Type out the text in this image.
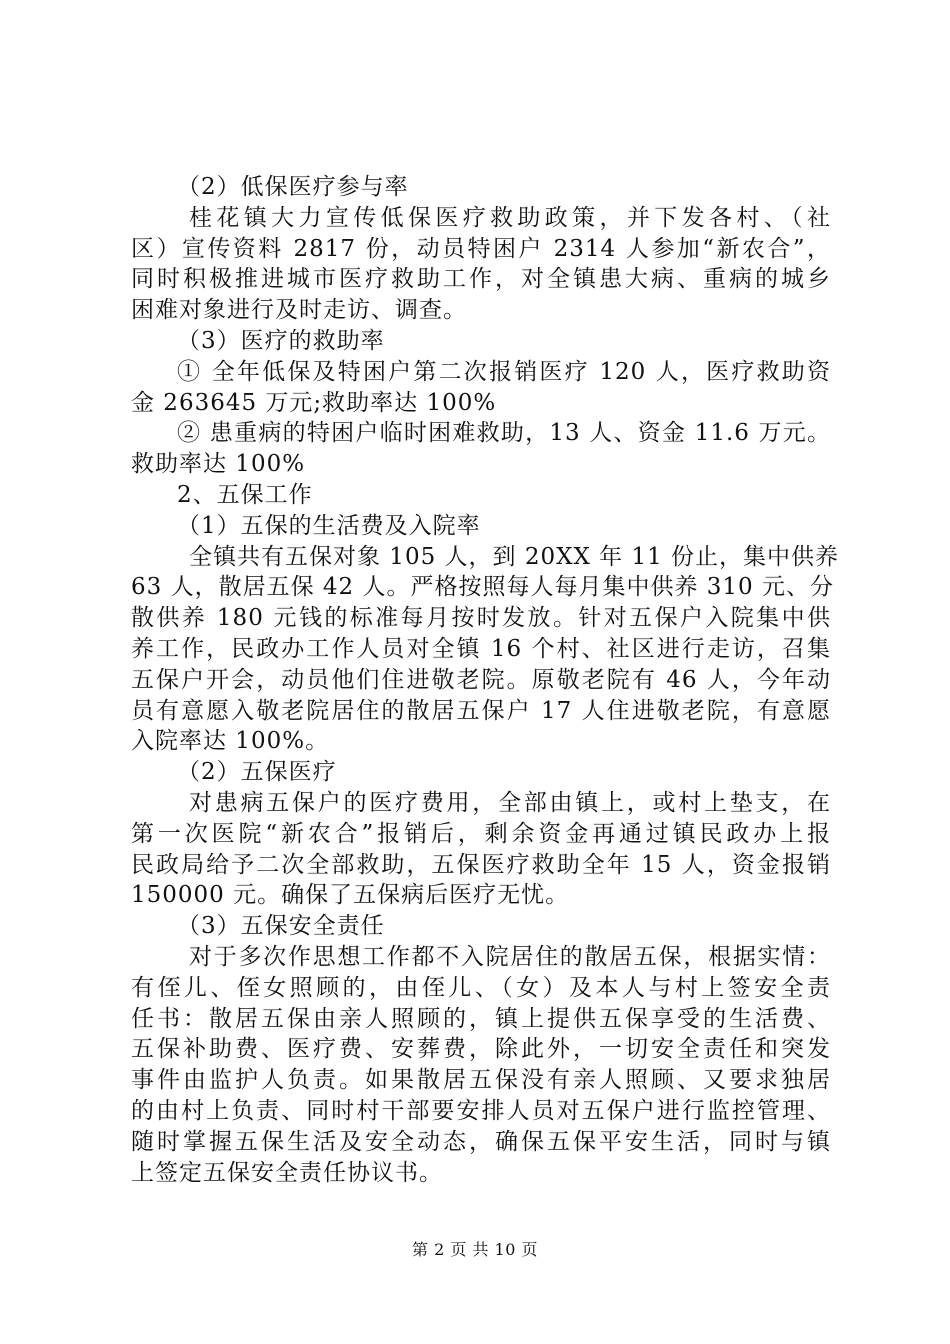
（2）低保医疗参与率
桂花镇大力宣传低保医疗救助政策，并下发各村、（社
区）宣传资料 2817 份，动员特困户 2314 人参加“新农合”，
同时积极推进城市医疗救助工作，对全镇患大病、重病的城乡
困难对象进行及时走访、调查。
（3）医疗的救助率
① 全年低保及特困户第二次报销医疗 120 人，医疗救助资
金 263645 万元;救助率达 100%
② 患重病的特困户临时困难救助，13 人、资金 11.6 万元。
救助率达 100%
2、五保工作
（1）五保的生活费及入院率
全镇共有五保对象 105 人，到 20XX 年 11 份止，集中供养
63 人，散居五保 42 人。严格按照每人每月集中供养 310 元、分
散供养 180 元钱的标准每月按时发放。针对五保户入院集中供
养工作，民政办工作人员对全镇 16 个村、社区进行走访，召集
五保户开会，动员他们住进敬老院。原敬老院有 46 人，今年动
员有意愿入敬老院居住的散居五保户 17 人住进敬老院，有意愿
入院率达 100%。
（2）五保医疗
对患病五保户的医疗费用，全部由镇上，或村上垫支，在
第一次医院“新农合”报销后，剩余资金再通过镇民政办上报
民政局给予二次全部救助，五保医疗救助全年 15 人，资金报销
150000 元。确保了五保病后医疗无忧。
（3）五保安全责任
对于多次作思想工作都不入院居住的散居五保，根据实情：
有侄儿、侄女照顾的，由侄儿、（女）及本人与村上签安全责
任书：散居五保由亲人照顾的，镇上提供五保享受的生活费、
五保补助费、医疗费、安葬费，除此外，一切安全责任和突发
事件由监护人负责。如果散居五保没有亲人照顾、又要求独居
的由村上负责、同时村干部要安排人员对五保户进行监控管理、
随时掌握五保生活及安全动态，确保五保平安生活，同时与镇
上签定五保安全责任协议书。
第 2 页 共 10 页
